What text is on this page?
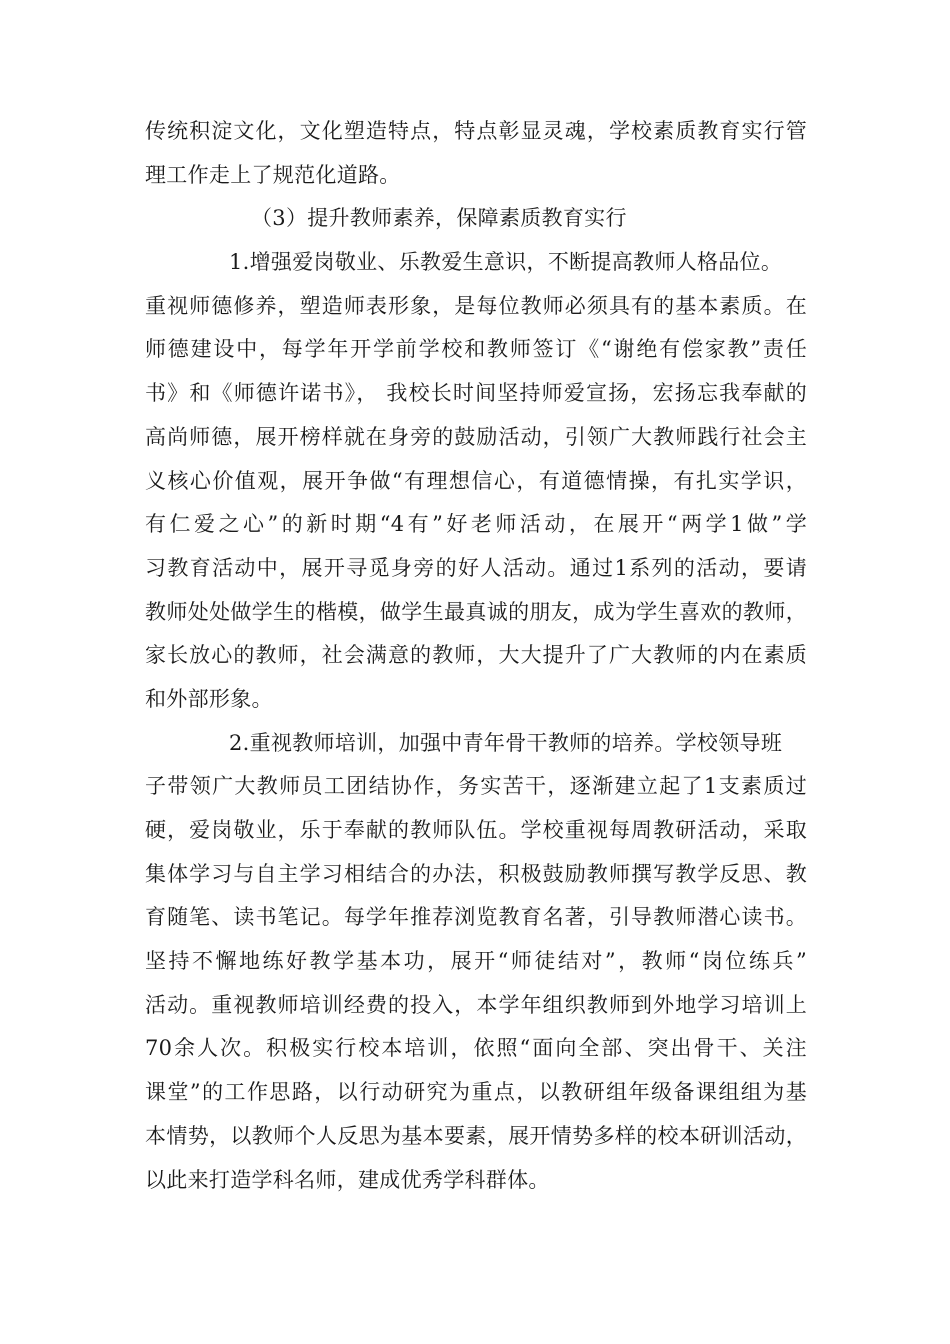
传统积淀文化，文化塑造特点，特点彰显灵魂，学校素质教育实行管
理工作走上了规范化道路。
（3）提升教师素养，保障素质教育实行
1.增强爱岗敬业、乐教爱生意识，不断提高教师人格品位。
重视师德修养，塑造师表形象，是每位教师必须具有的基本素质。在
师德建设中，每学年开学前学校和教师签订《“谢绝有偿家教”责任
书》和《师德许诺书》， 我校长时间坚持师爱宣扬，宏扬忘我奉献的
高尚师德，展开榜样就在身旁的鼓励活动，引领广大教师践行社会主
义核心价值观，展开争做“有理想信心，有道德情操，有扎实学识，
有仁爱之心”的新时期“4有”好老师活动，在展开“两学1做”学
习教育活动中，展开寻觅身旁的好人活动。通过1系列的活动，要请
教师处处做学生的楷模，做学生最真诚的朋友，成为学生喜欢的教师，
家长放心的教师，社会满意的教师，大大提升了广大教师的内在素质
和外部形象。
2.重视教师培训，加强中青年骨干教师的培养。学校领导班
子带领广大教师员工团结协作，务实苦干，逐渐建立起了1支素质过
硬，爱岗敬业，乐于奉献的教师队伍。学校重视每周教研活动，采取
集体学习与自主学习相结合的办法，积极鼓励教师撰写教学反思、教
育随笔、读书笔记。每学年推荐浏览教育名著，引导教师潜心读书。
坚持不懈地练好教学基本功，展开“师徒结对”，教师“岗位练兵”
活动。重视教师培训经费的投入，本学年组织教师到外地学习培训上
70余人次。积极实行校本培训，依照“面向全部、突出骨干、关注
课堂”的工作思路，以行动研究为重点，以教研组年级备课组组为基
本情势，以教师个人反思为基本要素，展开情势多样的校本研训活动，
以此来打造学科名师，建成优秀学科群体。
